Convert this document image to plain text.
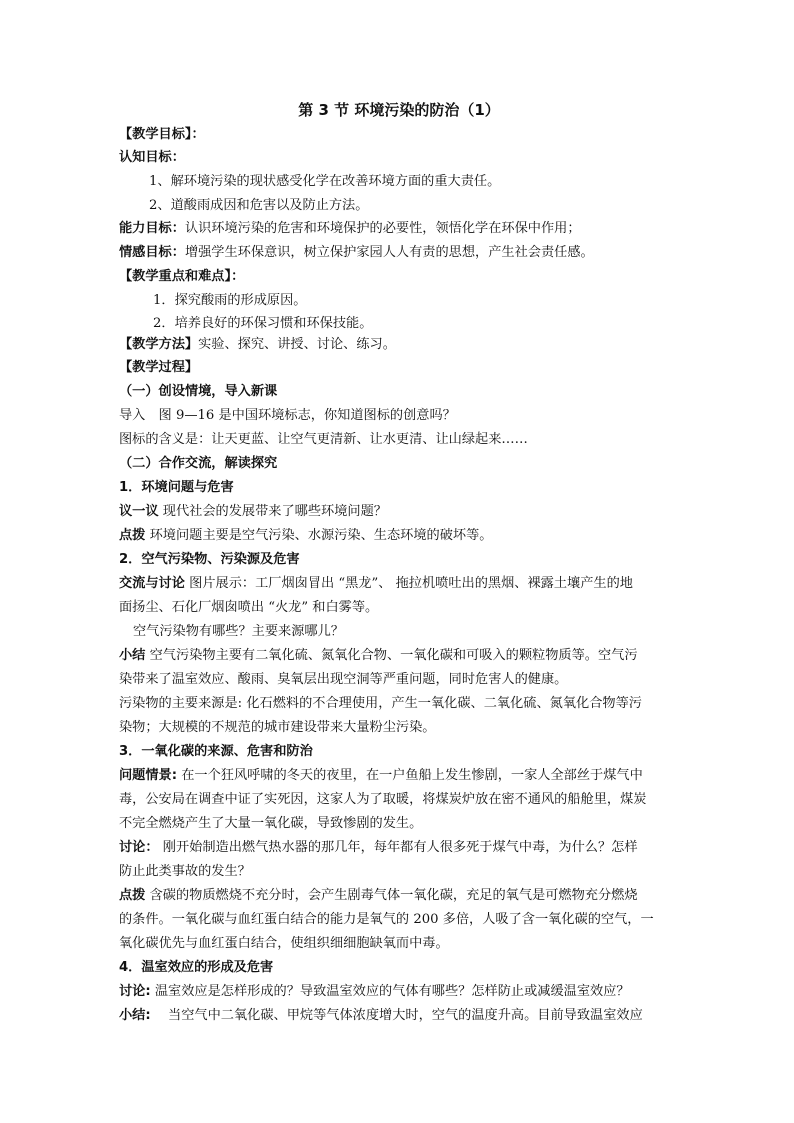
第 3 节 环境污染的防治（1）

【教学目标】：

认知目标：

1、解环境污染的现状感受化学在改善环境方面的重大责任。

2、道酸雨成因和危害以及防止方法。

能力目标：认识环境污染的危害和环境保护的必要性，领悟化学在环保中作用；

情感目标：增强学生环保意识，树立保护家园人人有责的思想，产生社会责任感。

【教学重点和难点】：

1．探究酸雨的形成原因。

2．培养良好的环保习惯和环保技能。

【教学方法】实验、探究、讲授、讨论、练习。

【教学过程】

（一）创设情境，导入新课

导入　图 9—16 是中国环境标志，你知道图标的创意吗？

图标的含义是：让天更蓝、让空气更清新、让水更清、让山绿起来……

（二）合作交流，解读探究

1．环境问题与危害

议一议 现代社会的发展带来了哪些环境问题？

点拨 环境问题主要是空气污染、水源污染、生态环境的破坏等。

2．空气污染物、污染源及危害

交流与讨论 图片展示：工厂烟囱冒出 “黑龙”、 拖拉机喷吐出的黑烟、裸露土壤产生的地

面扬尘、石化厂烟囱喷出 “火龙” 和白雾等。

空气污染物有哪些？主要来源哪儿？

小结 空气污染物主要有二氧化硫、氮氧化合物、一氧化碳和可吸入的颗粒物质等。空气污

染带来了温室效应、酸雨、臭氧层出现空洞等严重问题，同时危害人的健康。

污染物的主要来源是: 化石燃料的不合理使用，产生一氧化碳、二氧化硫、氮氧化合物等污

染物；大规模的不规范的城市建设带来大量粉尘污染。

3．一氧化碳的来源、危害和防治

问题情景: 在一个狂风呼啸的冬天的夜里，在一户鱼船上发生惨剧，一家人全部丝于煤气中

毒，公安局在调查中证了实死因，这家人为了取暖，将煤炭炉放在密不通风的船舱里，煤炭

不完全燃烧产生了大量一氧化碳，导致惨剧的发生。

讨论： 刚开始制造出燃气热水器的那几年，每年都有人很多死于煤气中毒，为什么？怎样

防止此类事故的发生？

点拨 含碳的物质燃烧不充分时，会产生剧毒气体一氧化碳，充足的氧气是可燃物充分燃烧

的条件。一氧化碳与血红蛋白结合的能力是氧气的 200 多倍，人吸了含一氧化碳的空气，一

氧化碳优先与血红蛋白结合，使组织细细胞缺氧而中毒。

4．温室效应的形成及危害

讨论: 温室效应是怎样形成的？导致温室效应的气体有哪些？怎样防止或减缓温室效应？

小结:　 当空气中二氧化碳、甲烷等气体浓度增大时，空气的温度升高。目前导致温室效应
